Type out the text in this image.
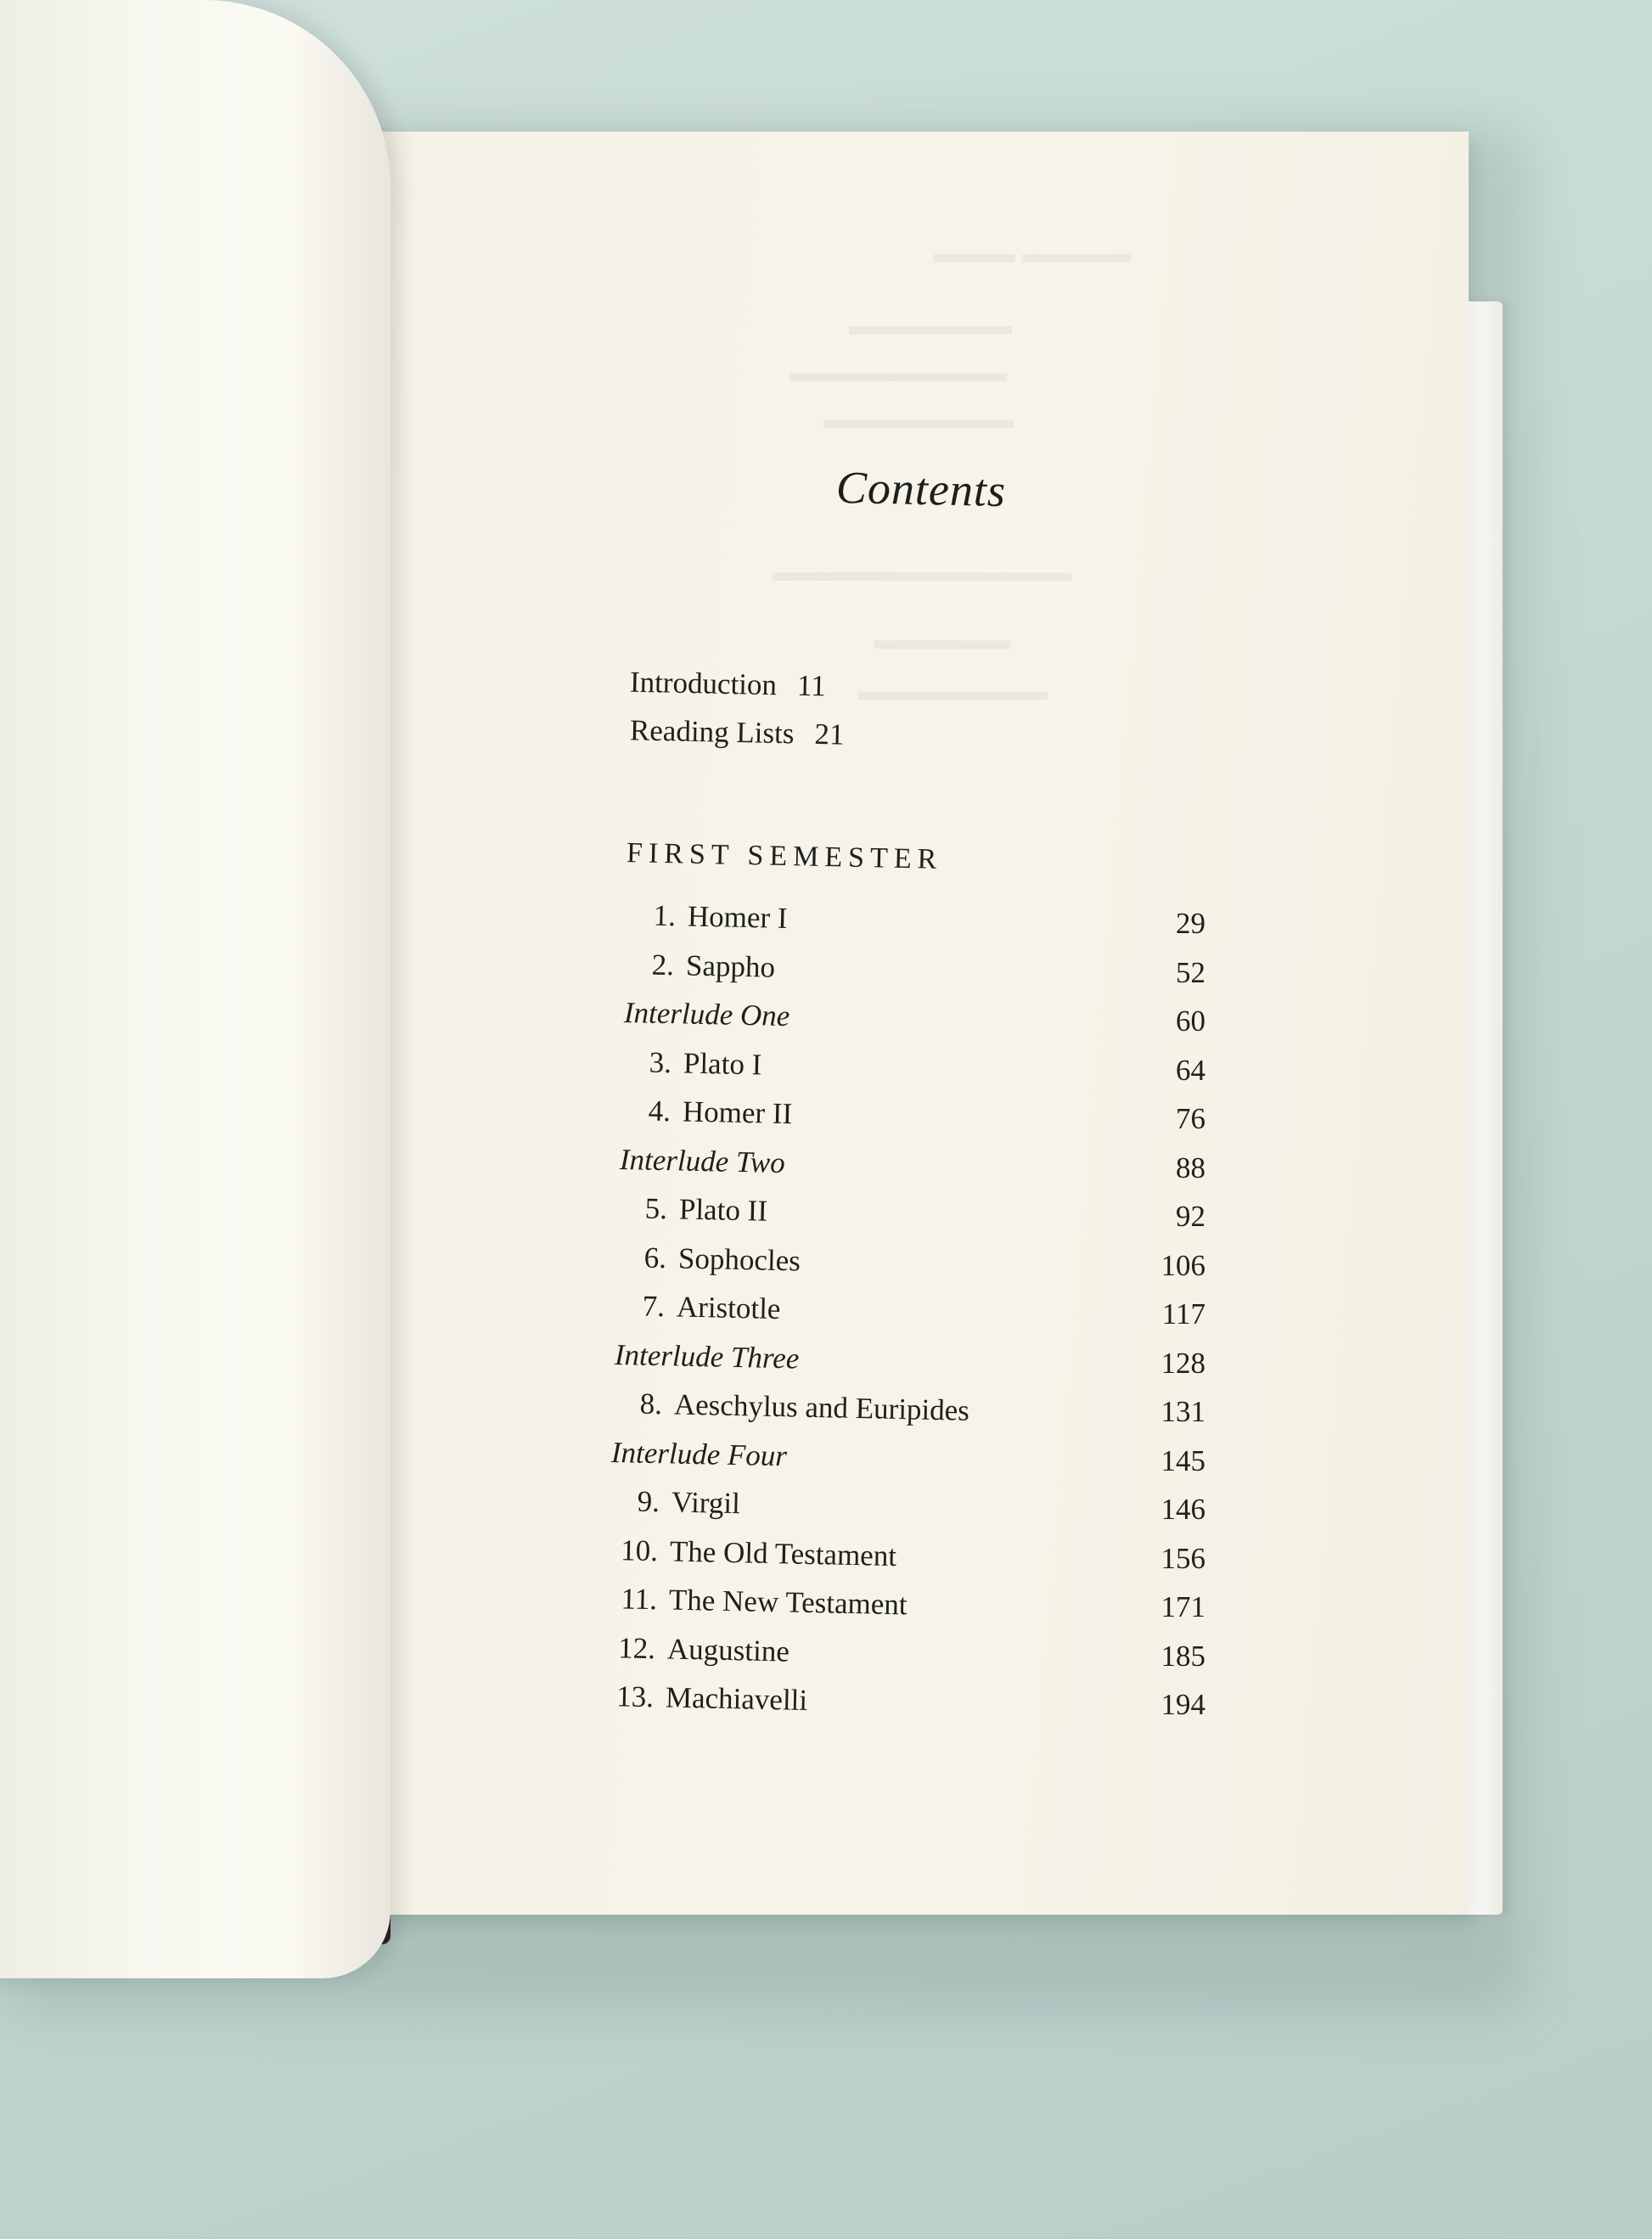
▬▬▬ ▬▬▬▬
▬▬▬▬▬▬
▬▬▬▬▬▬▬▬
▬▬▬▬▬▬▬
▬▬▬▬▬▬▬▬▬▬▬
▬▬▬▬▬
▬▬▬▬▬▬▬
Contents
Introduction 11
Reading Lists 21
FIRST SEMESTER
1. Homer I	29
2. Sappho	52
Interlude One	60
3. Plato I	64
4. Homer II	76
Interlude Two	88
5. Plato II	92
6. Sophocles	106
7. Aristotle	117
Interlude Three	128
8. Aeschylus and Euripides	131
Interlude Four	145
9. Virgil	146
10. The Old Testament	156
11. The New Testament	171
12. Augustine	185
13. Machiavelli	194
